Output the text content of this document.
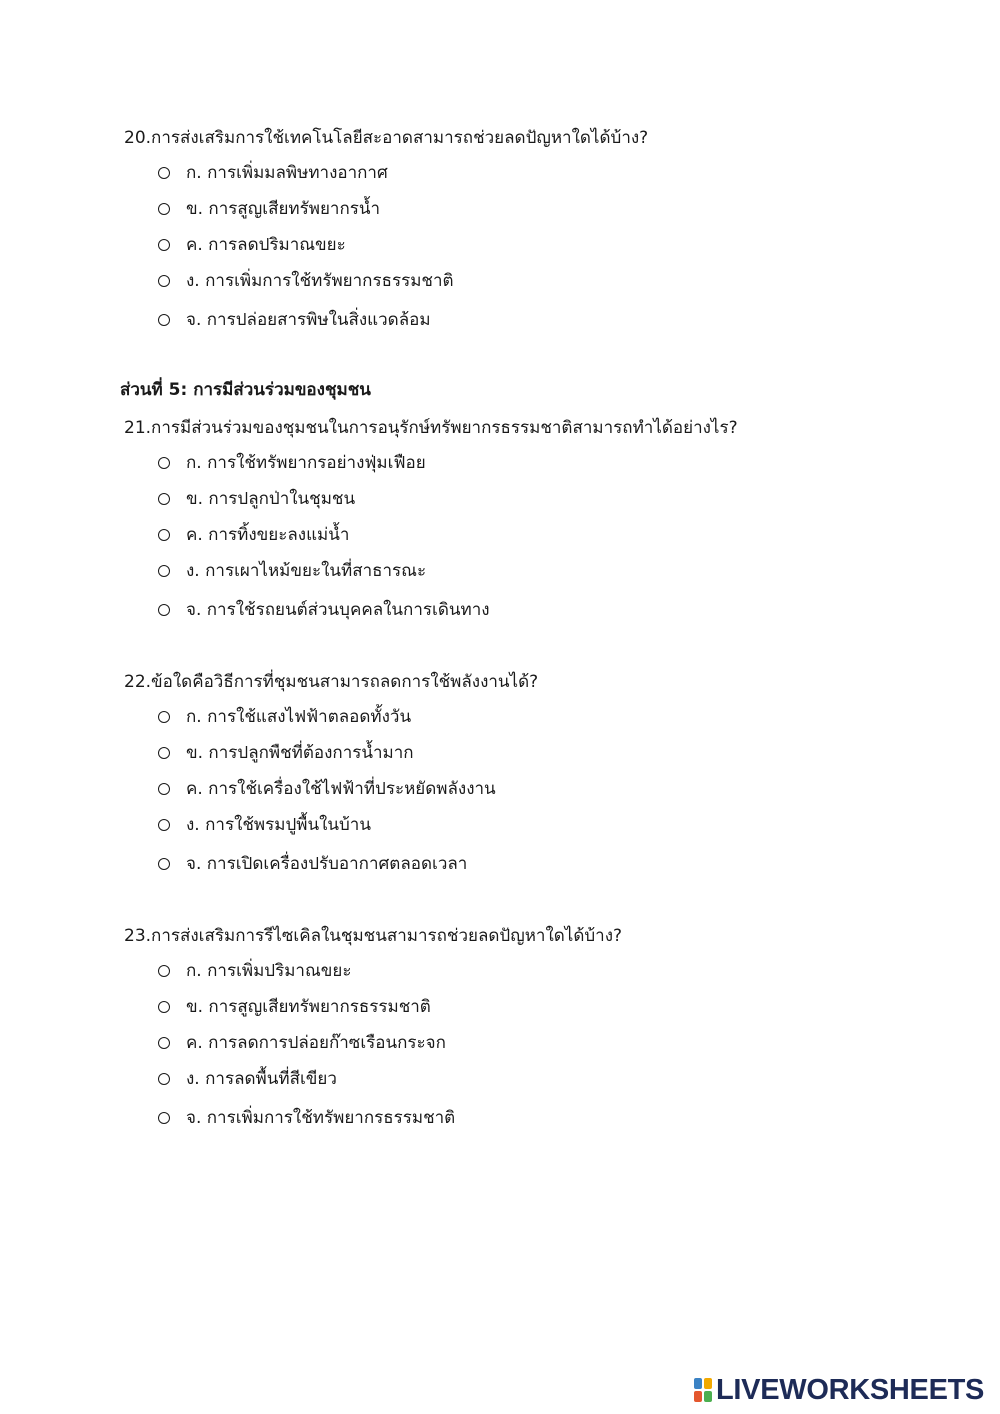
20.การส่งเสริมการใช้เทคโนโลยีสะอาดสามารถช่วยลดปัญหาใดได้บ้าง?
ก. การเพิ่มมลพิษทางอากาศ
ข. การสูญเสียทรัพยากรน้ำ
ค. การลดปริมาณขยะ
ง. การเพิ่มการใช้ทรัพยากรธรรมชาติ
จ. การปล่อยสารพิษในสิ่งแวดล้อม
ส่วนที่ 5: การมีส่วนร่วมของชุมชน
21.การมีส่วนร่วมของชุมชนในการอนุรักษ์ทรัพยากรธรรมชาติสามารถทำได้อย่างไร?
ก. การใช้ทรัพยากรอย่างฟุ่มเฟือย
ข. การปลูกป่าในชุมชน
ค. การทิ้งขยะลงแม่น้ำ
ง. การเผาไหม้ขยะในที่สาธารณะ
จ. การใช้รถยนต์ส่วนบุคคลในการเดินทาง
22.ข้อใดคือวิธีการที่ชุมชนสามารถลดการใช้พลังงานได้?
ก. การใช้แสงไฟฟ้าตลอดทั้งวัน
ข. การปลูกพืชที่ต้องการน้ำมาก
ค. การใช้เครื่องใช้ไฟฟ้าที่ประหยัดพลังงาน
ง. การใช้พรมปูพื้นในบ้าน
จ. การเปิดเครื่องปรับอากาศตลอดเวลา
23.การส่งเสริมการรีไซเคิลในชุมชนสามารถช่วยลดปัญหาใดได้บ้าง?
ก. การเพิ่มปริมาณขยะ
ข. การสูญเสียทรัพยากรธรรมชาติ
ค. การลดการปล่อยก๊าซเรือนกระจก
ง. การลดพื้นที่สีเขียว
จ. การเพิ่มการใช้ทรัพยากรธรรมชาติ
LIVEWORKSHEETS
